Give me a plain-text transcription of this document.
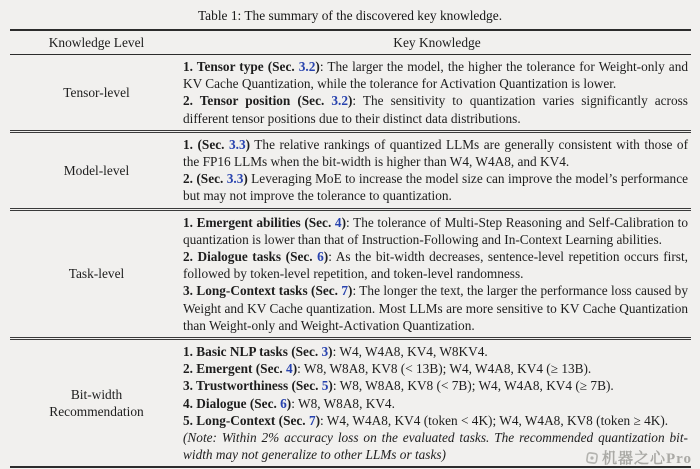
Table 1: The summary of the discovered key knowledge.
Knowledge Level	Key Knowledge
Tensor-level
1. Tensor type (Sec. 3.2): The larger the model, the higher the tolerance for Weight-only and KV Cache Quantization, while the tolerance for Activation Quantization is lower.
2. Tensor position (Sec. 3.2): The sensitivity to quantization varies significantly across different tensor positions due to their distinct data distributions.
Model-level
1. (Sec. 3.3) The relative rankings of quantized LLMs are generally consistent with those of the FP16 LLMs when the bit-width is higher than W4, W4A8, and KV4.
2. (Sec. 3.3) Leveraging MoE to increase the model size can improve the model’s performance but may not improve the tolerance to quantization.
Task-level
1. Emergent abilities (Sec. 4): The tolerance of Multi-Step Reasoning and Self-Calibration to quantization is lower than that of Instruction-Following and In-Context Learning abilities.
2. Dialogue tasks (Sec. 6): As the bit-width decreases, sentence-level repetition occurs first, followed by token-level repetition, and token-level randomness.
3. Long-Context tasks (Sec. 7): The longer the text, the larger the performance loss caused by Weight and KV Cache quantization. Most LLMs are more sensitive to KV Cache Quantization than Weight-only and Weight-Activation Quantization.
Bit-width Recommendation
1. Basic NLP tasks (Sec. 3): W4, W4A8, KV4, W8KV4.
2. Emergent (Sec. 4): W8, W8A8, KV8 (< 13B); W4, W4A8, KV4 (≥ 13B).
3. Trustworthiness (Sec. 5): W8, W8A8, KV8 (< 7B); W4, W4A8, KV4 (≥ 7B).
4. Dialogue (Sec. 6): W8, W8A8, KV4.
5. Long-Context (Sec. 7): W4, W4A8, KV4 (token < 4K); W4, W4A8, KV8 (token ≥ 4K).
(Note: Within 2% accuracy loss on the evaluated tasks. The recommended quantization bit-width may not generalize to other LLMs or tasks)	机器之心Pro
